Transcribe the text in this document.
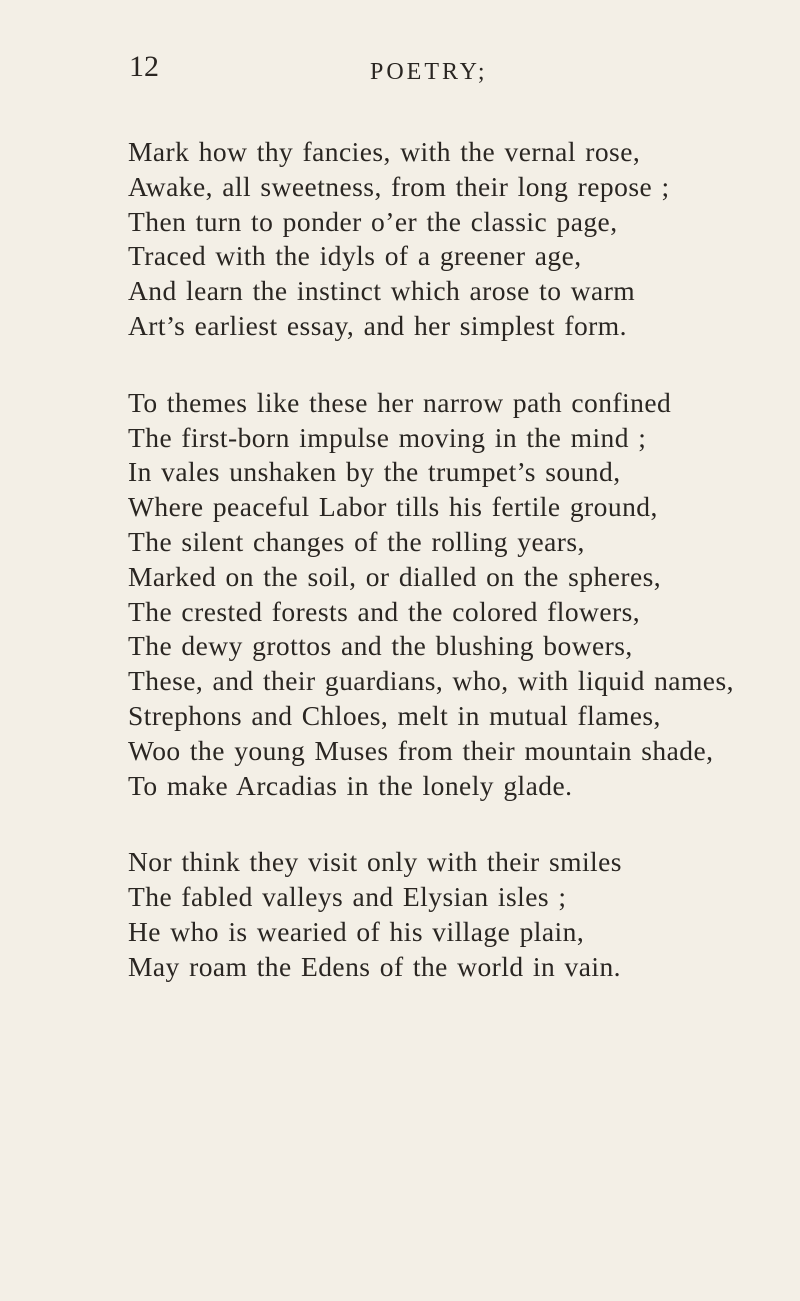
12	POETRY;
Mark how thy fancies, with the vernal rose,
Awake, all sweetness, from their long repose ;
Then turn to ponder o’er the classic page,
Traced with the idyls of a greener age,
And learn the instinct which arose to warm
Art’s earliest essay, and her simplest form.
To themes like these her narrow path confined
The first-born impulse moving in the mind ;
In vales unshaken by the trumpet’s sound,
Where peaceful Labor tills his fertile ground,
The silent changes of the rolling years,
Marked on the soil, or dialled on the spheres,
The crested forests and the colored flowers,
The dewy grottos and the blushing bowers,
These, and their guardians, who, with liquid names,
Strephons and Chloes, melt in mutual flames,
Woo the young Muses from their mountain shade,
To make Arcadias in the lonely glade.
Nor think they visit only with their smiles
The fabled valleys and Elysian isles ;
He who is wearied of his village plain,
May roam the Edens of the world in vain.
